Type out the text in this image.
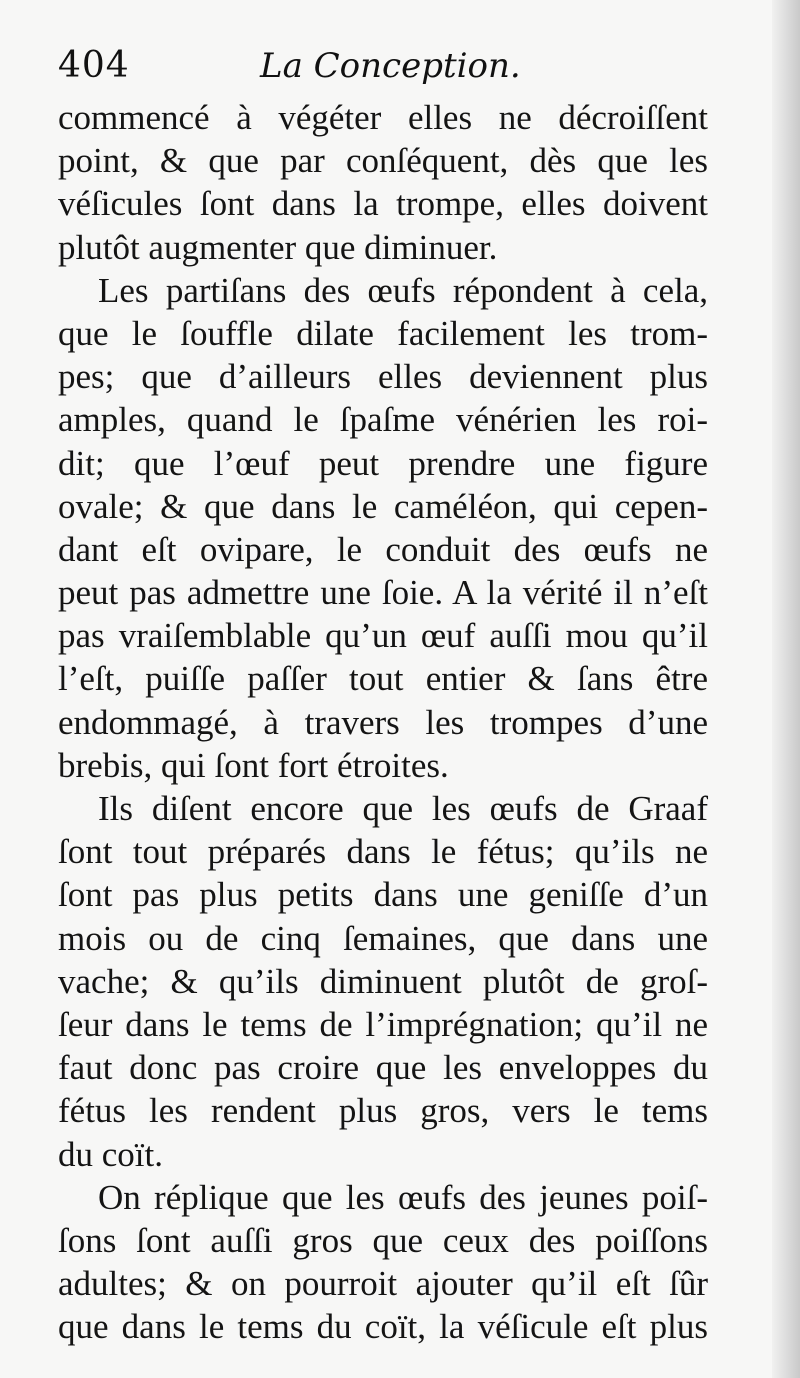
404	La Conception.
commencé à végéter elles ne décroiſſent
point, & que par conſéquent, dès que les
véſicules ſont dans la trompe, elles doivent
plutôt augmenter que diminuer.
Les partiſans des œufs répondent à cela,
que le ſouffle dilate facilement les trom-
pes; que d’ailleurs elles deviennent plus
amples, quand le ſpaſme vénérien les roi-
dit; que l’œuf peut prendre une figure
ovale; & que dans le caméléon, qui cepen-
dant eſt ovipare, le conduit des œufs ne
peut pas admettre une ſoie. A la vérité il n’eſt
pas vraiſemblable qu’un œuf auſſi mou qu’il
l’eſt, puiſſe paſſer tout entier & ſans être
endommagé, à travers les trompes d’une
brebis, qui ſont fort étroites.
Ils diſent encore que les œufs de Graaf
ſont tout préparés dans le fétus; qu’ils ne
ſont pas plus petits dans une geniſſe d’un
mois ou de cinq ſemaines, que dans une
vache; & qu’ils diminuent plutôt de groſ-
ſeur dans le tems de l’imprégnation; qu’il ne
faut donc pas croire que les enveloppes du
fétus les rendent plus gros, vers le tems
du coït.
On réplique que les œufs des jeunes poiſ-
ſons ſont auſſi gros que ceux des poiſſons
adultes; & on pourroit ajouter qu’il eſt ſûr
que dans le tems du coït, la véſicule eſt plus
